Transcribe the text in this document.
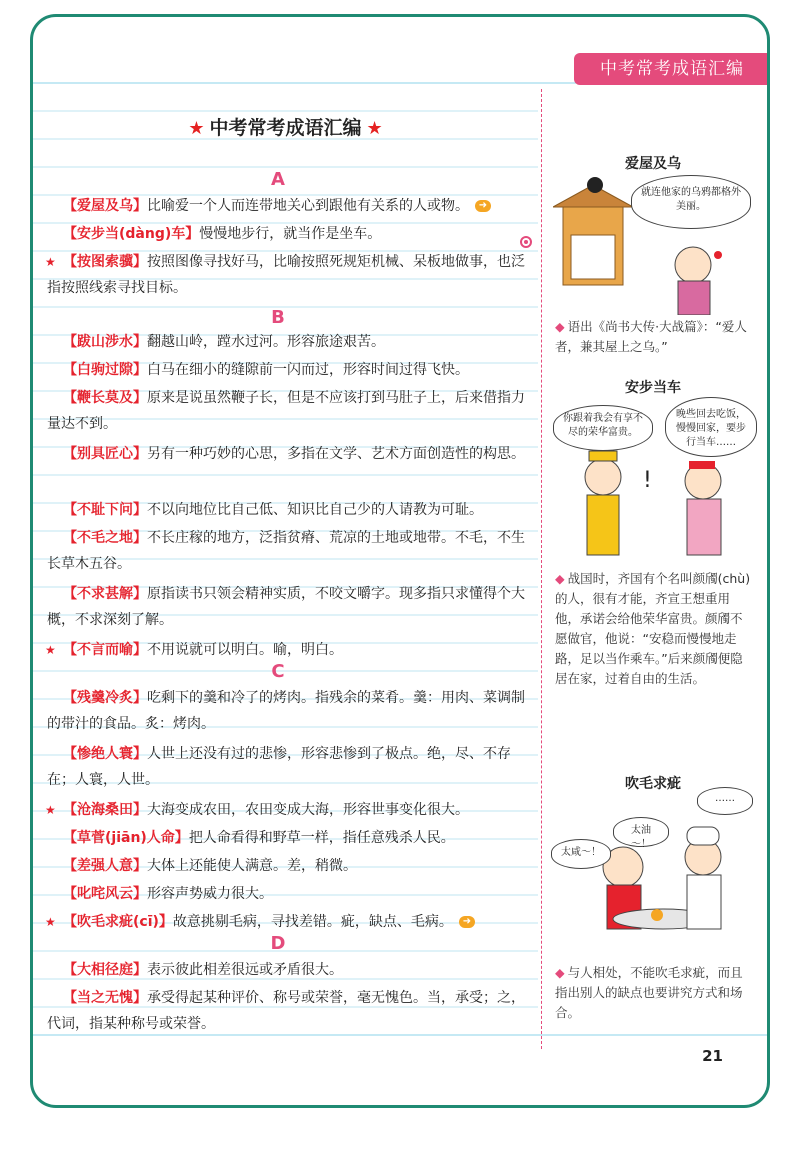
中考常考成语汇编
★ 中考常考成语汇编 ★
A
【爱屋及乌】比喻爱一个人而连带地关心到跟他有关系的人或物。 ➜
【安步当(dàng)车】慢慢地步行，就当作是坐车。
★ 【按图索骥】按照图像寻找好马，比喻按照死规矩机械、呆板地做事，也泛指按照线索寻找目标。
B
【跋山涉水】翻越山岭，蹚水过河。形容旅途艰苦。
【白驹过隙】白马在细小的缝隙前一闪而过，形容时间过得飞快。
【鞭长莫及】原来是说虽然鞭子长，但是不应该打到马肚子上，后来借指力量达不到。
【别具匠心】另有一种巧妙的心思，多指在文学、艺术方面创造性的构思。
【不耻下问】不以向地位比自己低、知识比自己少的人请教为可耻。
【不毛之地】不长庄稼的地方，泛指贫瘠、荒凉的土地或地带。不毛，不生长草木五谷。
【不求甚解】原指读书只领会精神实质，不咬文嚼字。现多指只求懂得个大概，不求深刻了解。
★ 【不言而喻】不用说就可以明白。喻，明白。
C
【残羹冷炙】吃剩下的羹和冷了的烤肉。指残余的菜肴。羹：用肉、菜调制的带汁的食品。炙：烤肉。
【惨绝人寰】人世上还没有过的悲惨，形容悲惨到了极点。绝，尽、不存在；人寰，人世。
★ 【沧海桑田】大海变成农田，农田变成大海，形容世事变化很大。
【草菅(jiān)人命】把人命看得和野草一样，指任意残杀人民。
【差强人意】大体上还能使人满意。差，稍微。
【叱咤风云】形容声势威力很大。
★ 【吹毛求疵(cī)】故意挑剔毛病，寻找差错。疵，缺点、毛病。 ➜
D
【大相径庭】表示彼此相差很远或矛盾很大。
【当之无愧】承受得起某种评价、称号或荣誉，毫无愧色。当，承受；之，代词，指某种称号或荣誉。
爱屋及乌
就连他家的乌鸦都格外美丽。
◆ 语出《尚书大传·大战篇》：“爱人者，兼其屋上之乌。”
安步当车
!
你跟着我会有享不尽的荣华富贵。
晚些回去吃饭，慢慢回家，要步行当车……
◆ 战国时，齐国有个名叫颜斶(chù)的人，很有才能，齐宣王想重用他，承诺会给他荣华富贵。颜斶不愿做官，他说：“安稳而慢慢地走路，足以当作乘车。”后来颜斶便隐居在家，过着自由的生活。
吹毛求疵
……
太油～！
太咸～！
◆ 与人相处，不能吹毛求疵，而且指出别人的缺点也要讲究方式和场合。
21
